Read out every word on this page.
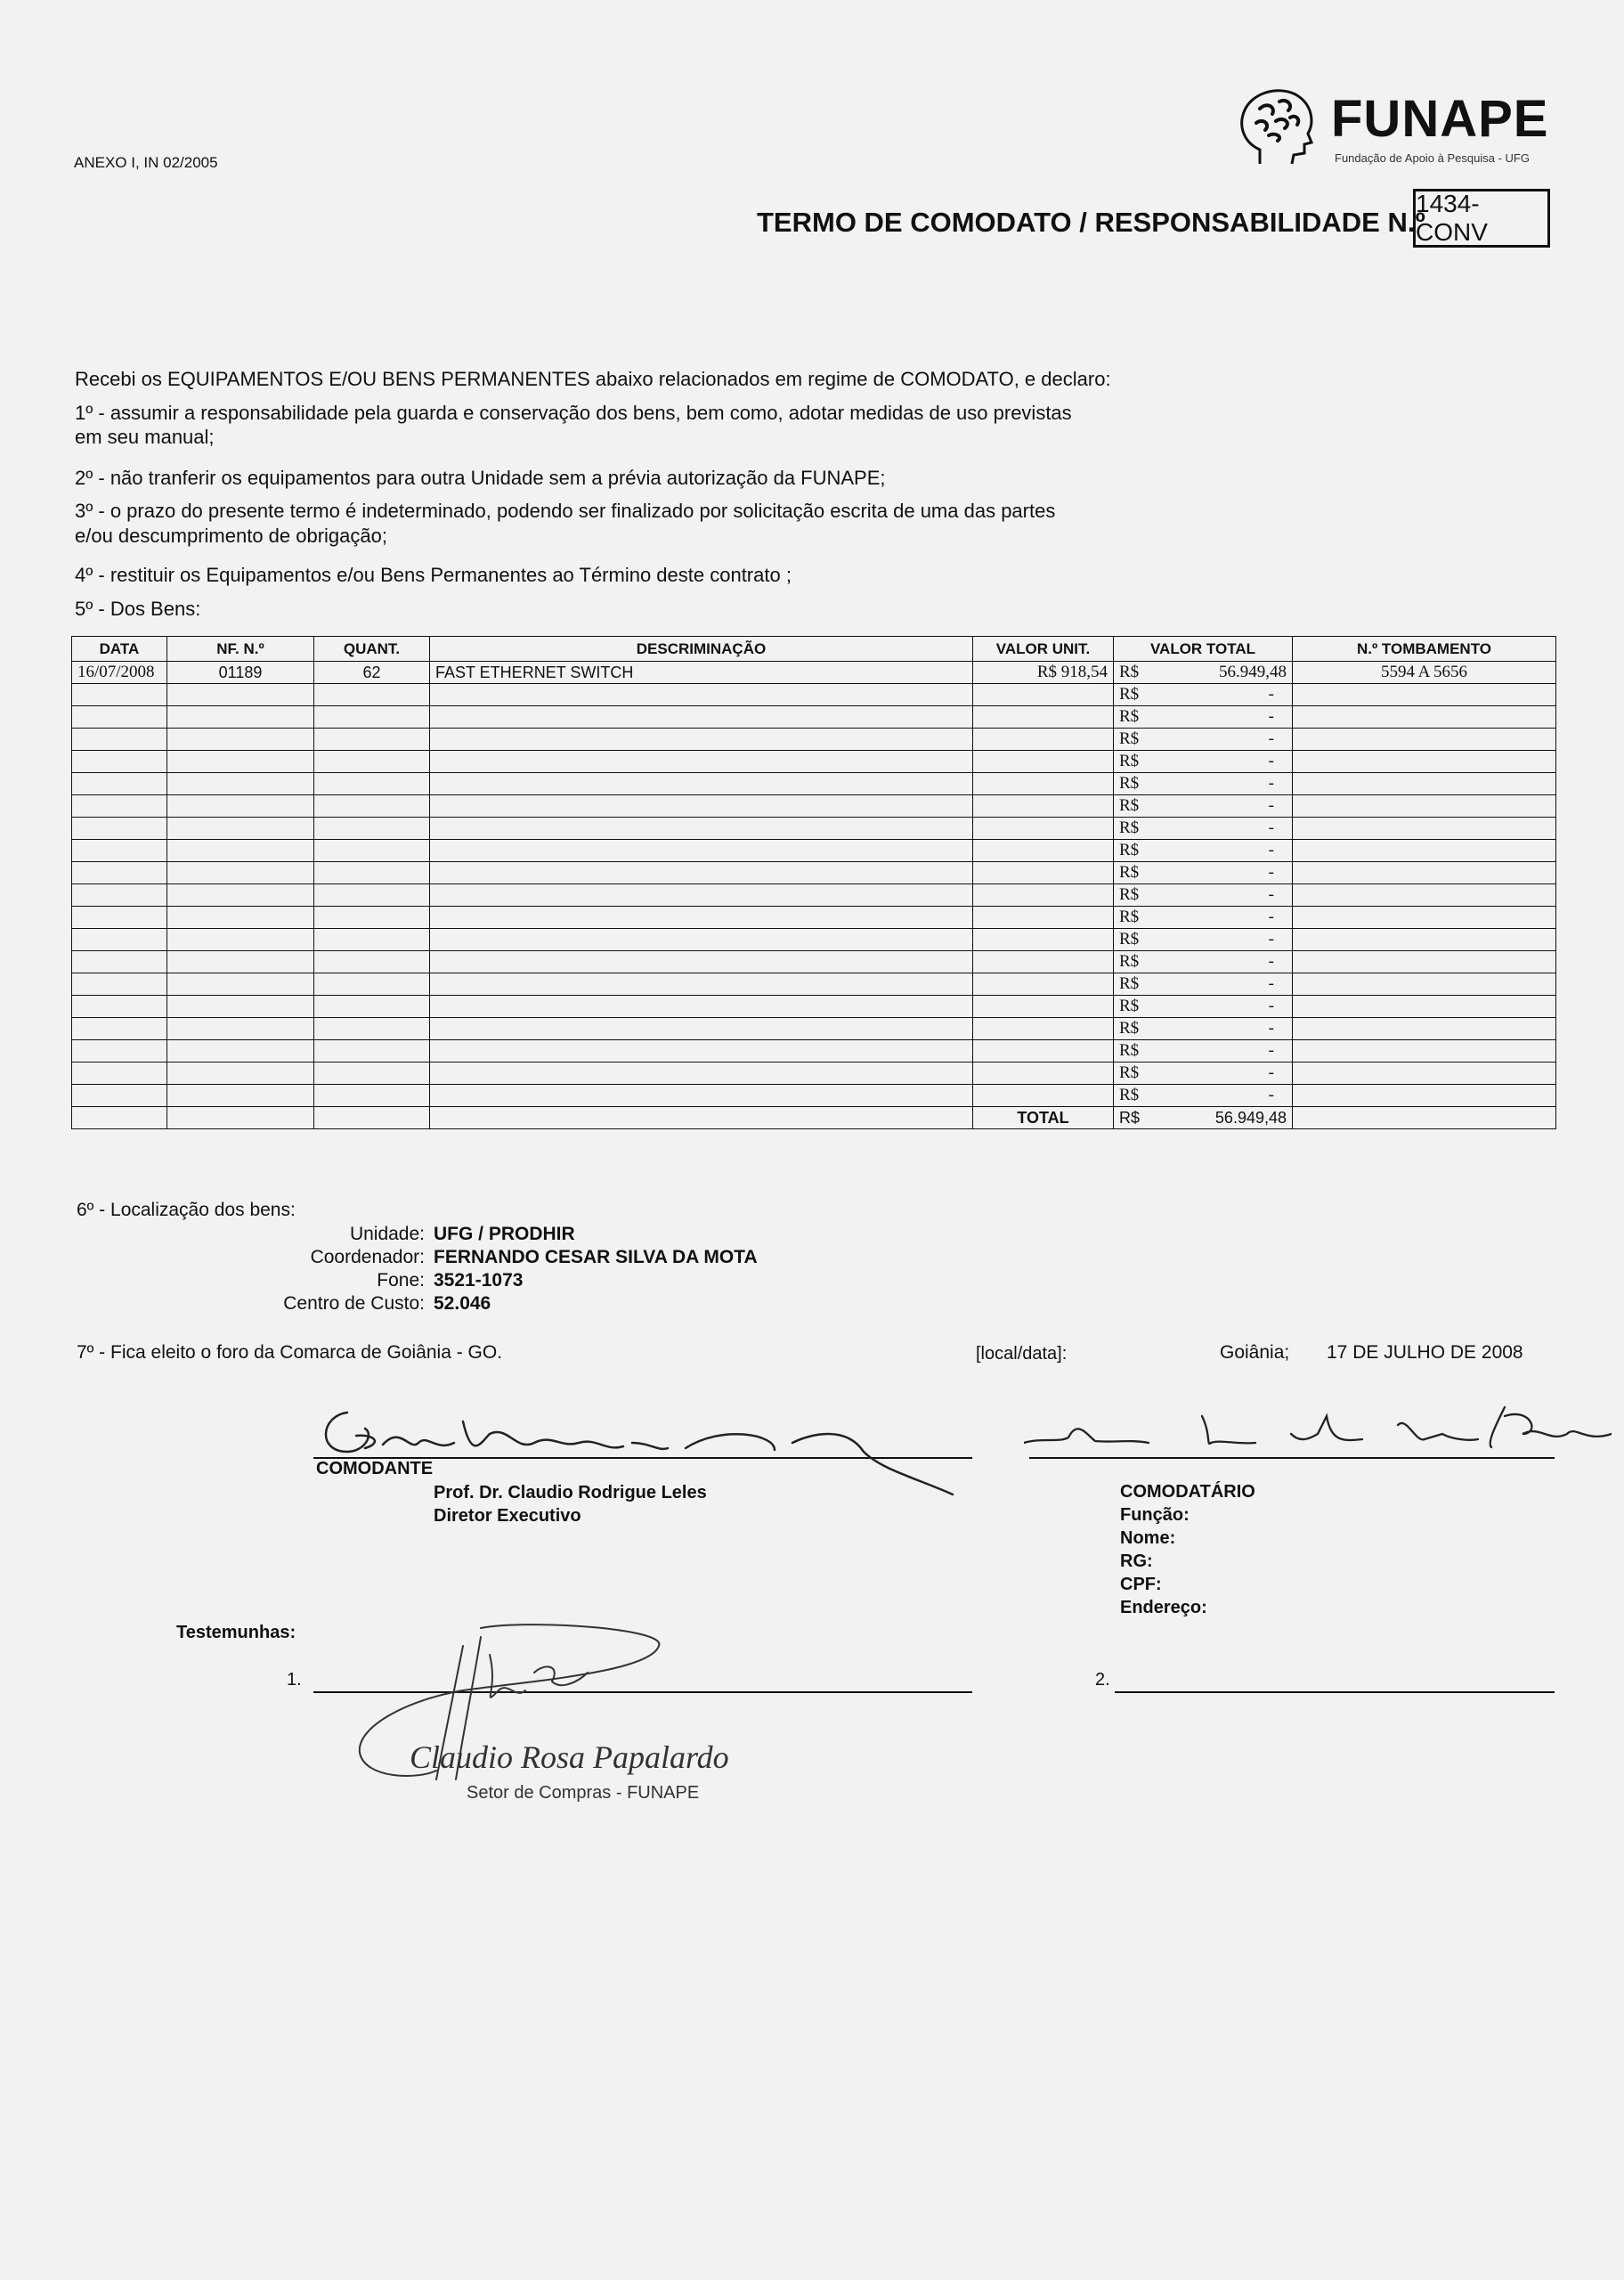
ANEXO I, IN 02/2005
FUNAPE
Fundação de Apoio à Pesquisa - UFG
TERMO DE COMODATO / RESPONSABILIDADE N.º
1434-CONV
Recebi os EQUIPAMENTOS E/OU BENS PERMANENTES abaixo relacionados em regime de COMODATO, e declaro:
1º - assumir a responsabilidade pela guarda e conservação dos bens, bem como, adotar medidas de uso previstas
em seu manual;
2º - não tranferir os equipamentos para outra Unidade sem a prévia autorização da FUNAPE;
3º - o prazo do presente termo é indeterminado, podendo ser finalizado por solicitação escrita de uma das partes
e/ou descumprimento de obrigação;
4º - restituir os Equipamentos e/ou Bens Permanentes ao Término deste contrato ;
5º - Dos Bens:
DATA	NF. N.º	QUANT.	DESCRIMINAÇÃO	VALOR UNIT.	VALOR TOTAL	N.º TOMBAMENTO
16/07/2008	01189	62	FAST ETHERNET SWITCH	R$ 918,54	R$ 56.949,48	5594 A 5656

					R$ -	

					R$ -	

					R$ -	

					R$ -	

					R$ -	

					R$ -	

					R$ -	

					R$ -	

					R$ -	

					R$ -	

					R$ -	

					R$ -	

					R$ -	

					R$ -	

					R$ -	

					R$ -	

					R$ -	

					R$ -	

					R$ -	

				TOTAL	R$ 56.949,48	

6º - Localização dos bens:
Unidade: UFG / PRODHIR
Coordenador: FERNANDO CESAR SILVA DA MOTA
Fone: 3521-1073
Centro de Custo: 52.046
7º - Fica eleito o foro da Comarca de Goiânia - GO.	[local/data]:	Goiânia; 17 DE JULHO DE 2008
COMODANTE
Prof. Dr. Claudio Rodrigue Leles
Diretor Executivo
COMODATÁRIO
Função:
Nome:
RG:
CPF:
Endereço:
Testemunhas:
1.	2.
Claudio Rosa Papalardo
Setor de Compras - FUNAPE
